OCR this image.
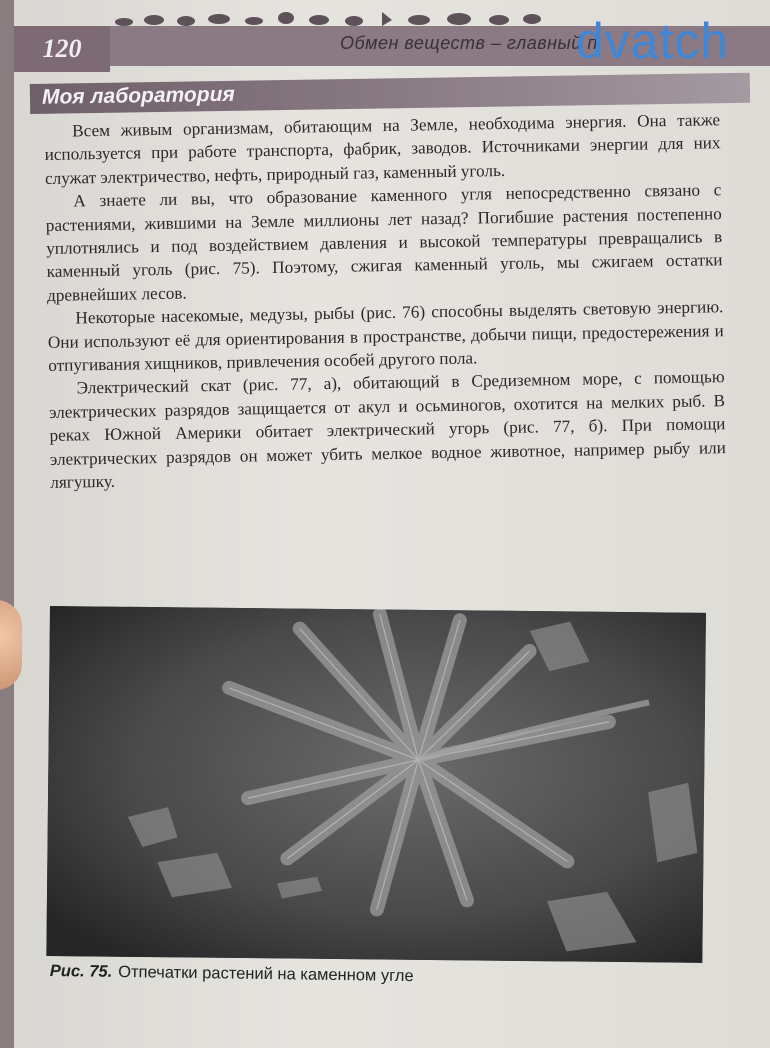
120	Обмен веществ – главный п
dvatch
Моя лаборатория

Всем живым организмам, обитающим на Земле, необходима энергия. Она также используется при работе транспорта, фабрик, заводов. Источниками энергии для них служат электричество, нефть, природный газ, каменный уголь.

А знаете ли вы, что образование каменного угля непосредственно связано с растениями, жившими на Земле миллионы лет назад? Погибшие растения постепенно уплотнялись и под воздействием давления и высокой температуры превращались в каменный уголь (рис. 75). Поэтому, сжигая каменный уголь, мы сжигаем остатки древнейших лесов.

Некоторые насекомые, медузы, рыбы (рис. 76) способны выделять световую энергию. Они используют её для ориентирования в пространстве, добычи пищи, предостережения и отпугивания хищников, привлечения особей другого пола.

Электрический скат (рис. 77, а), обитающий в Средиземном море, с помощью электрических разрядов защищается от акул и осьминогов, охотится на мелких рыб. В реках Южной Америки обитает электрический угорь (рис. 77, б). При помощи электрических разрядов он может убить мелкое водное животное, например рыбу или лягушку.

Рис. 75. Отпечатки растений на каменном угле
